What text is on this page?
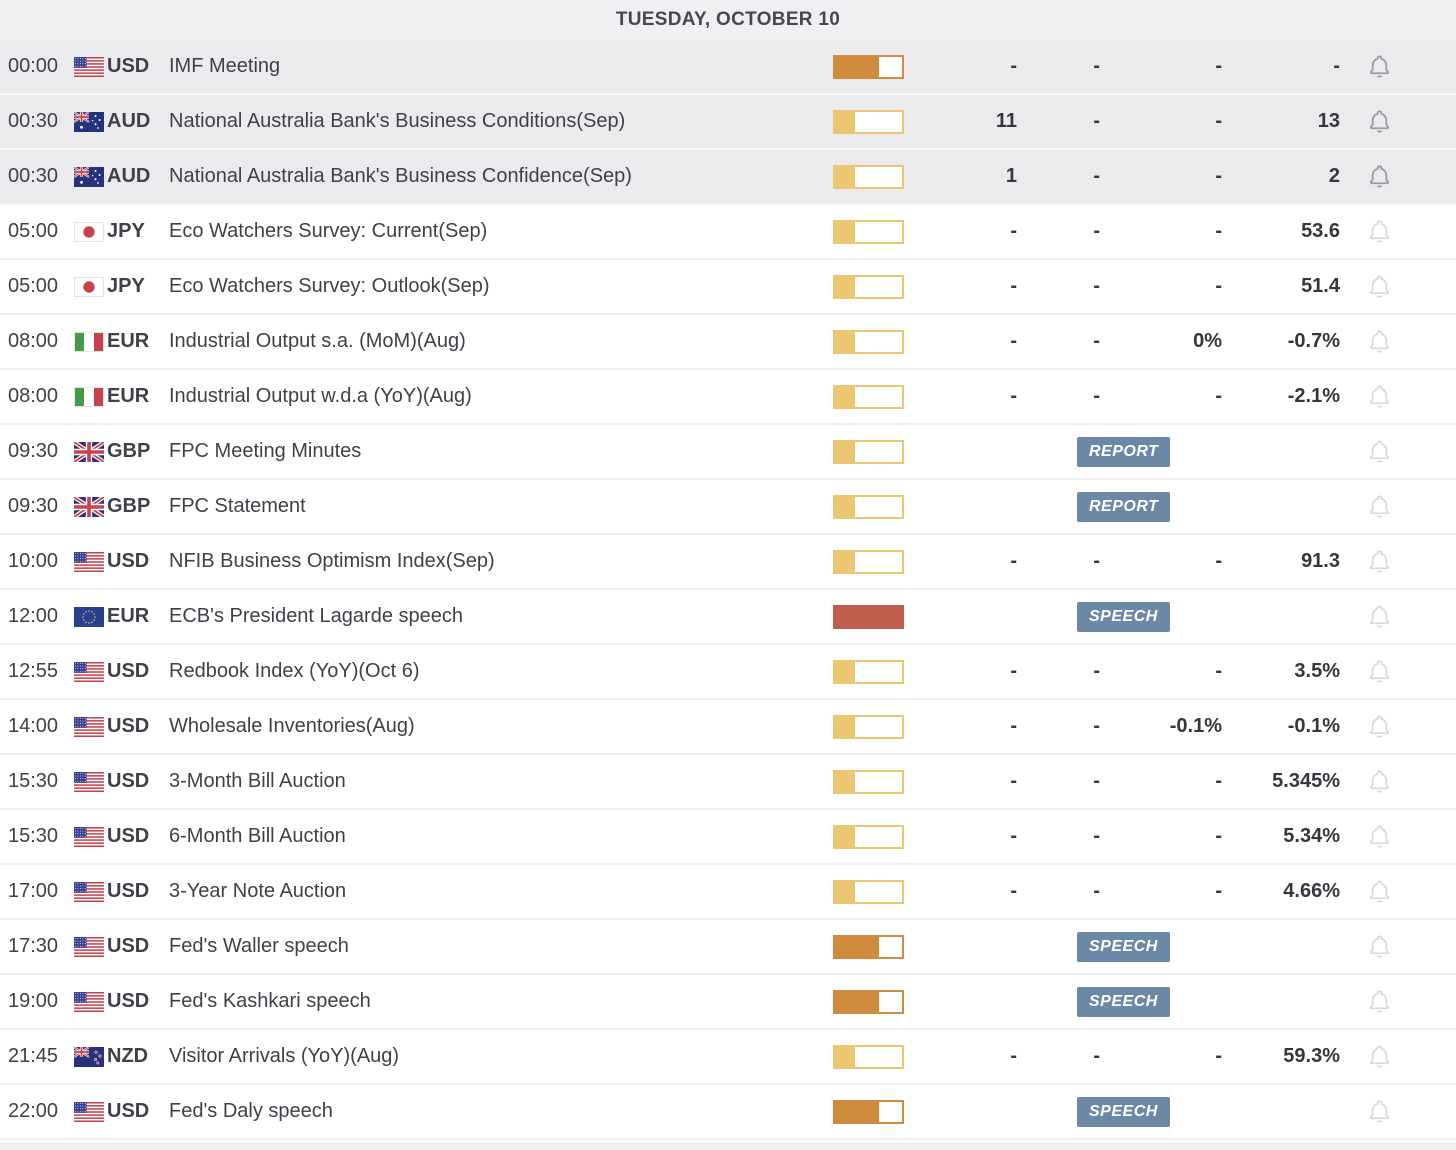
TUESDAY, OCTOBER 10
00:00	USD IMF Meeting	-	-	-	-
00:30	AUD National Australia Bank's Business Conditions(Sep)	11	-	-	13
00:30	AUD National Australia Bank's Business Confidence(Sep)	1	-	-	2
05:00	JPY	Eco Watchers Survey: Current(Sep)	-	-	-	53.6
05:00	JPY	Eco Watchers Survey: Outlook(Sep)	-	-	-	51.4
08:00	EUR Industrial Output s.a. (MoM)(Aug)	-	-	0%	-0.7%
08:00	EUR Industrial Output w.d.a (YoY)(Aug)	-	-	-	-2.1%
09:30	GBP FPC Meeting Minutes	REPORT
09:30	GBP FPC Statement	REPORT
10:00	USD NFIB Business Optimism Index(Sep)	-	-	-	91.3
12:00	EUR ECB's President Lagarde speech	SPEECH
12:55	USD Redbook Index (YoY)(Oct 6)	-	-	-	3.5%
14:00	USD Wholesale Inventories(Aug)	-	-	-0.1%	-0.1%
15:30	USD 3-Month Bill Auction	-	-	-	5.345%
15:30	USD 6-Month Bill Auction	-	-	-	5.34%
17:00	USD 3-Year Note Auction	-	-	-	4.66%
17:30	USD Fed's Waller speech	SPEECH
19:00	USD Fed's Kashkari speech	SPEECH
21:45	NZD	Visitor Arrivals (YoY)(Aug)	-	-	-	59.3%
22:00	USD Fed's Daly speech	SPEECH
